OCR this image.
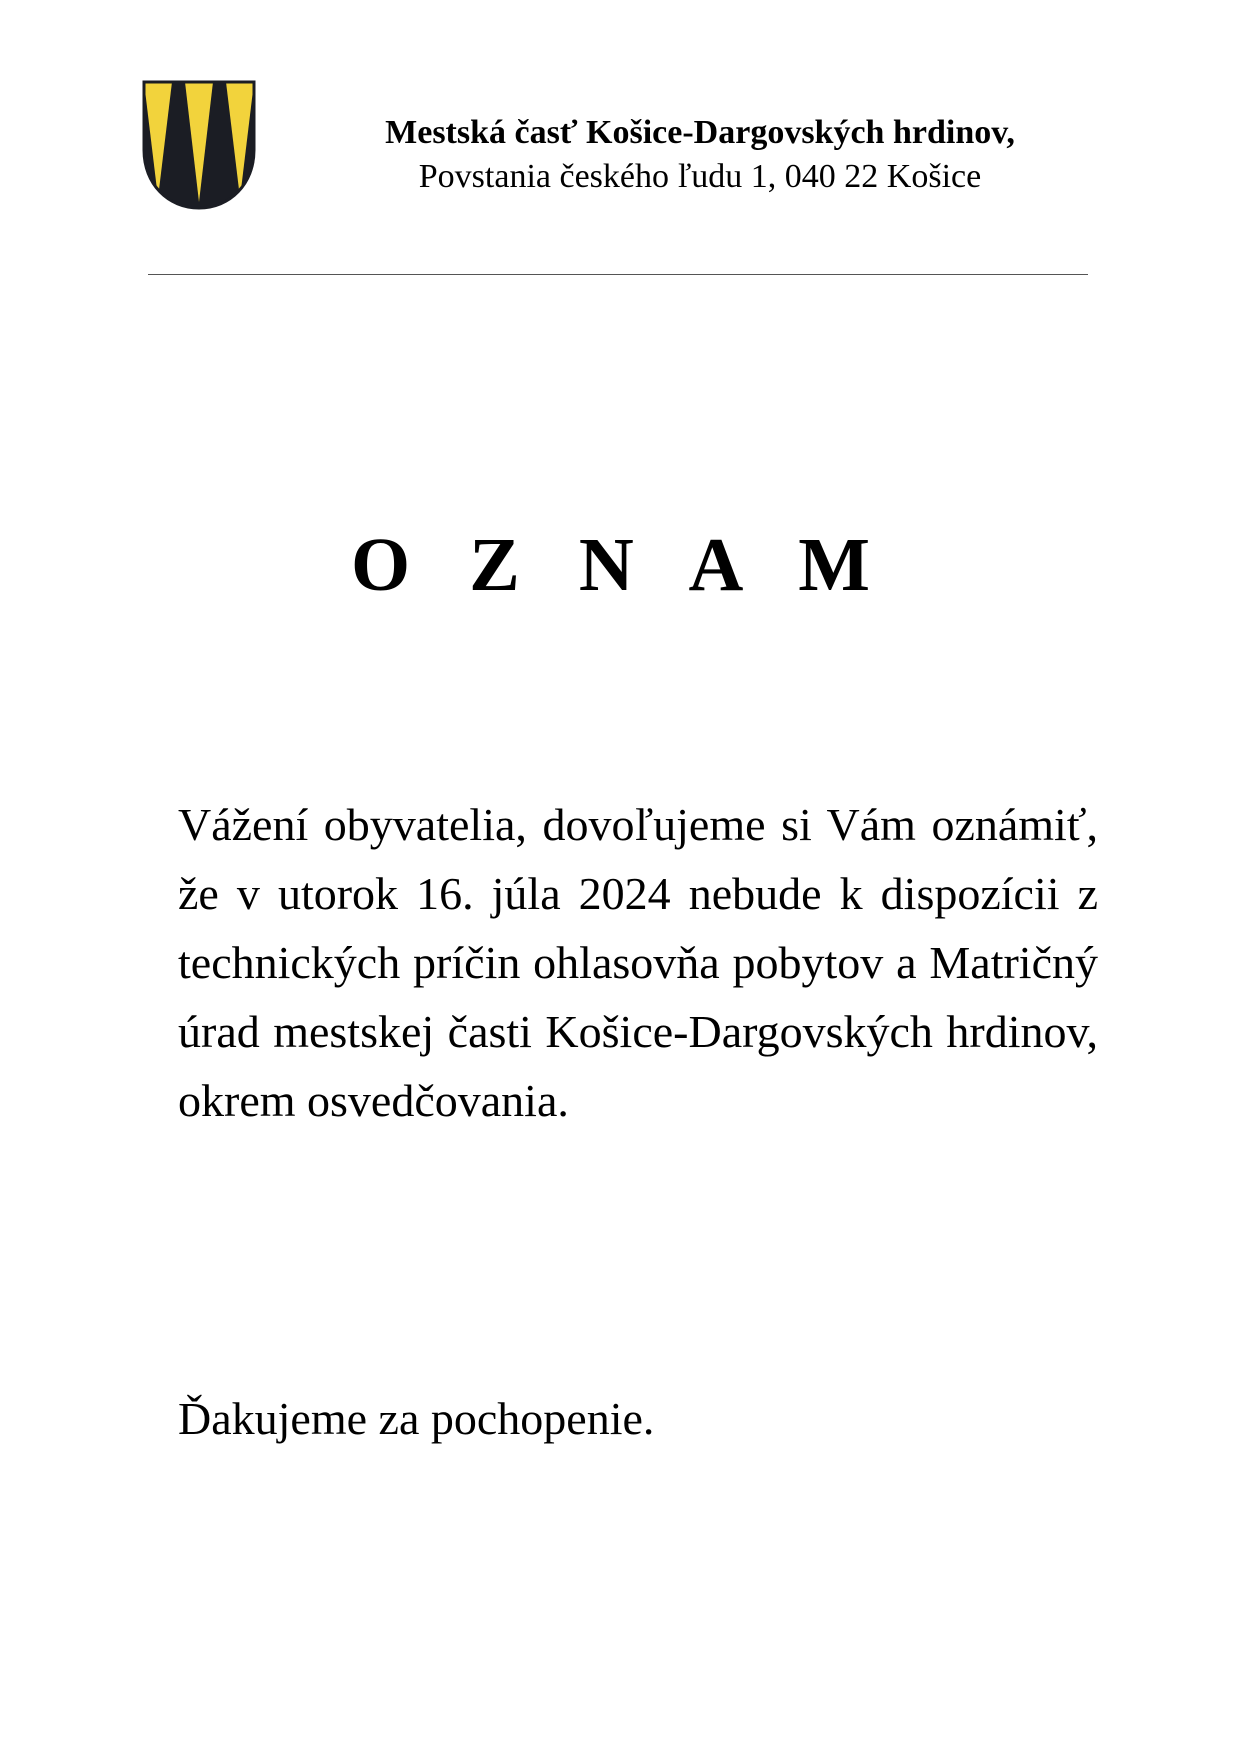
Mestská časť Košice-Dargovských hrdinov,
Povstania českého ľudu 1, 040 22 Košice
O Z N A M
Vážení obyvatelia, dovoľujeme si Vám oznámiť, že v utorok 16. júla 2024 nebude k dispozícii z technických príčin ohlasovňa pobytov a Matričný úrad mestskej časti Košice-Dargovských hrdinov, okrem osvedčovania.
Ďakujeme za pochopenie.
